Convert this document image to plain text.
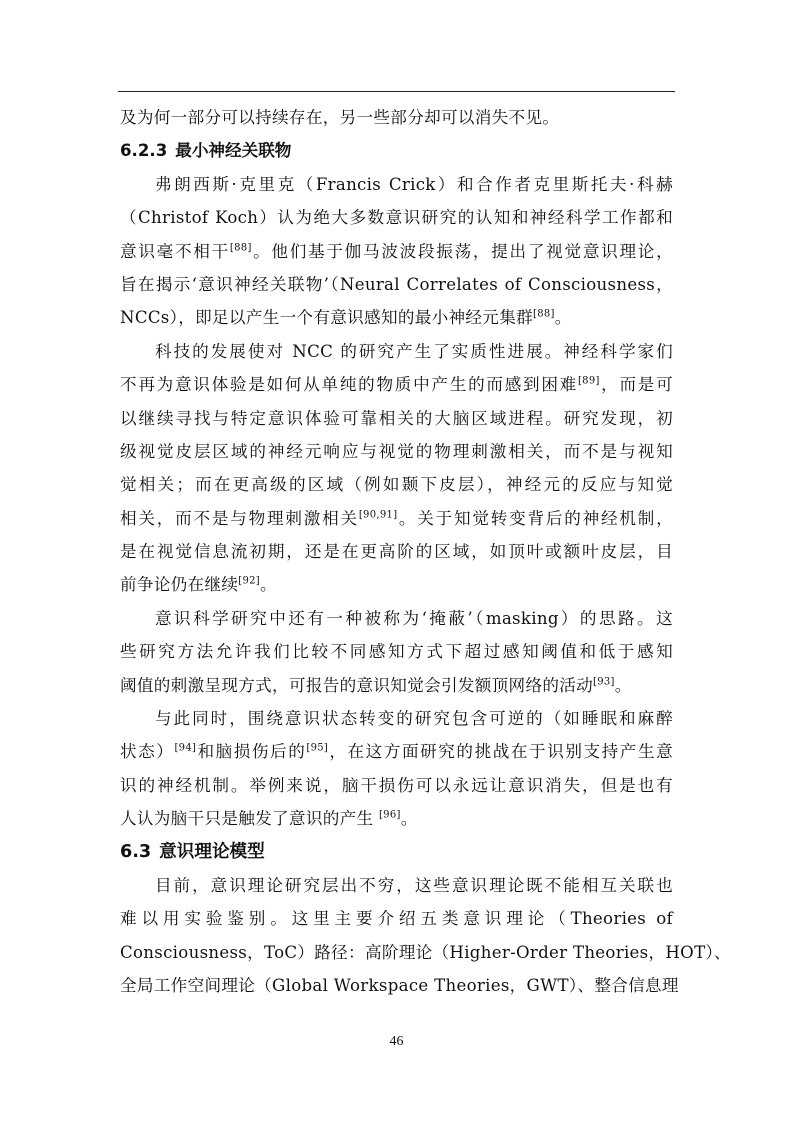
及为何一部分可以持续存在，另一些部分却可以消失不见。
6.2.3 最小神经关联物
弗朗西斯·克里克（Francis Crick）和合作者克里斯托夫·科赫
（Christof Koch）认为绝大多数意识研究的认知和神经科学工作都和
意识毫不相干[88]。他们基于伽马波波段振荡，提出了视觉意识理论，
旨在揭示‘意识神经关联物’（Neural Correlates of Consciousness，
NCCs），即足以产生一个有意识感知的最小神经元集群[88]。
科技的发展使对 NCC 的研究产生了实质性进展。神经科学家们
不再为意识体验是如何从单纯的物质中产生的而感到困难[89]，而是可
以继续寻找与特定意识体验可靠相关的大脑区域进程。研究发现，初
级视觉皮层区域的神经元响应与视觉的物理刺激相关，而不是与视知
觉相关；而在更高级的区域（例如颞下皮层），神经元的反应与知觉
相关，而不是与物理刺激相关[90,91]。关于知觉转变背后的神经机制，
是在视觉信息流初期，还是在更高阶的区域，如顶叶或额叶皮层，目
前争论仍在继续[92]。
意识科学研究中还有一种被称为‘掩蔽’（masking）的思路。这
些研究方法允许我们比较不同感知方式下超过感知阈值和低于感知
阈值的刺激呈现方式，可报告的意识知觉会引发额顶网络的活动[93]。
与此同时，围绕意识状态转变的研究包含可逆的（如睡眠和麻醉
状态）[94]和脑损伤后的[95]，在这方面研究的挑战在于识别支持产生意
识的神经机制。举例来说，脑干损伤可以永远让意识消失，但是也有
人认为脑干只是触发了意识的产生 [96]。
6.3 意识理论模型
目前，意识理论研究层出不穷，这些意识理论既不能相互关联也
难以用实验鉴别。这里主要介绍五类意识理论（Theories of
Consciousness，ToC）路径：高阶理论（Higher-Order Theories，HOT）、
全局工作空间理论（Global Workspace Theories，GWT）、整合信息理
46
